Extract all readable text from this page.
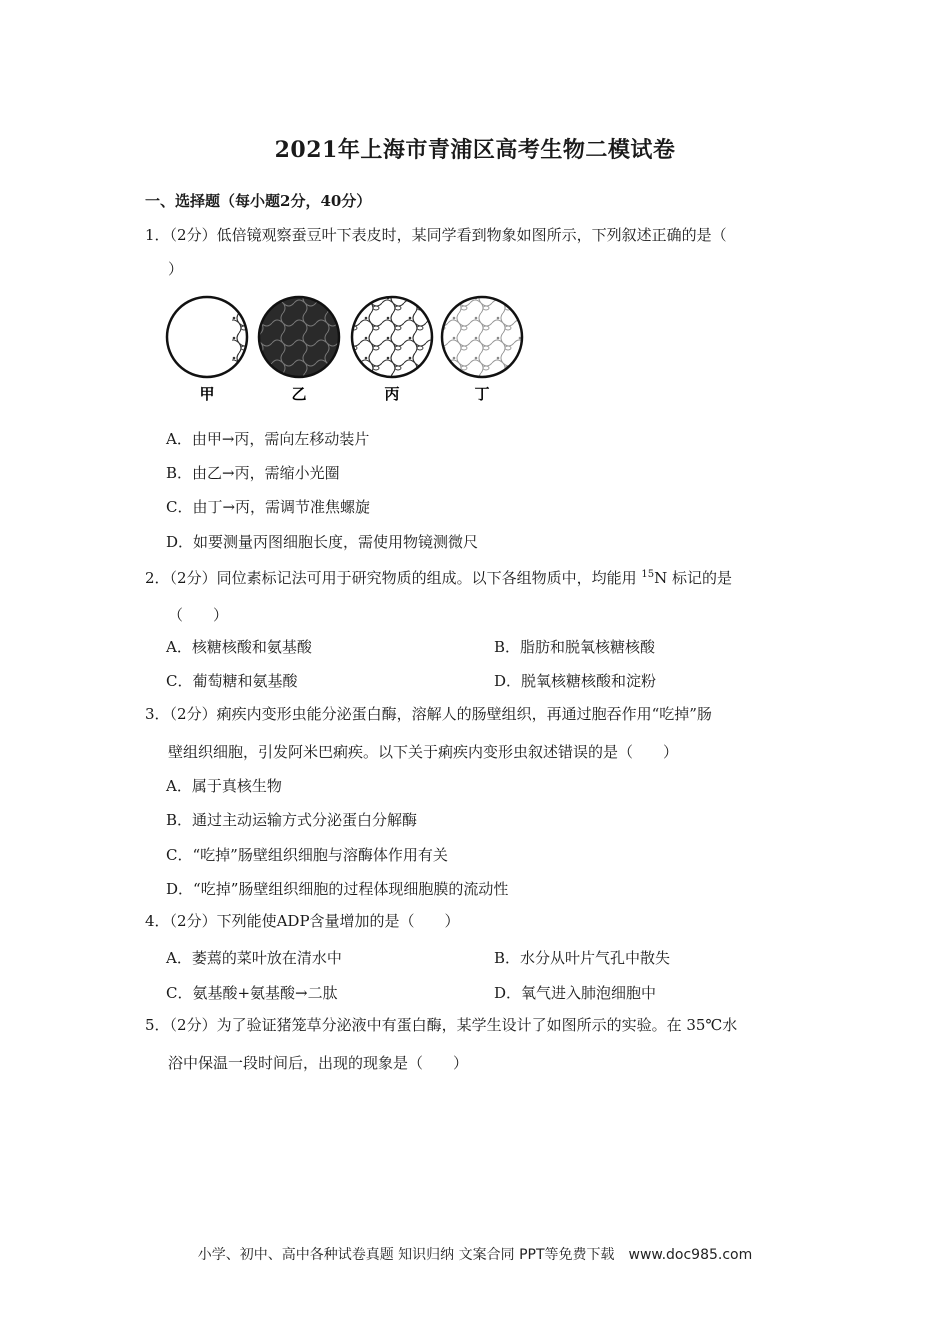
2021年上海市青浦区高考生物二模试卷
一、选择题（每小题2分，40分）
1．（2分）低倍镜观察蚕豆叶下表皮时，某同学看到物象如图所示，下列叙述正确的是（
）
甲	乙	丙	丁
A．由甲→丙，需向左移动装片
B．由乙→丙，需缩小光圈
C．由丁→丙，需调节准焦螺旋
D．如要测量丙图细胞长度，需使用物镜测微尺
2．（2分）同位素标记法可用于研究物质的组成。以下各组物质中，均能用 $^{15}$N 标记的是
（　　）
A．核糖核酸和氨基酸	B．脂肪和脱氧核糖核酸
C．葡萄糖和氨基酸	D．脱氧核糖核酸和淀粉
3．（2分）痢疾内变形虫能分泌蛋白酶，溶解人的肠壁组织，再通过胞吞作用“吃掉”肠
壁组织细胞，引发阿米巴痢疾。以下关于痢疾内变形虫叙述错误的是（　　）
A．属于真核生物
B．通过主动运输方式分泌蛋白分解酶
C．“吃掉”肠壁组织细胞与溶酶体作用有关
D．“吃掉”肠壁组织细胞的过程体现细胞膜的流动性
4．（2分）下列能使ADP含量增加的是（　　）
A．萎蔫的菜叶放在清水中	B．水分从叶片气孔中散失
C．氨基酸+氨基酸→二肽	D．氧气进入肺泡细胞中
5．（2分）为了验证猪笼草分泌液中有蛋白酶，某学生设计了如图所示的实验。在 35℃水
浴中保温一段时间后，出现的现象是（　　）
小学、初中、高中各种试卷真题 知识归纳 文案合同 PPT等免费下载　www.doc985.com
